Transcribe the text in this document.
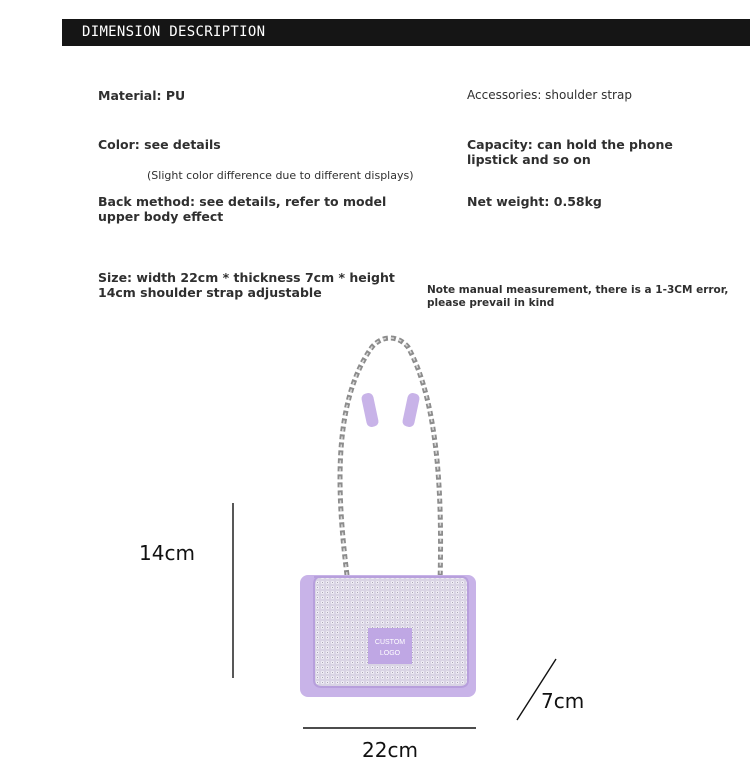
DIMENSION DESCRIPTION
Material: PU	Accessories: shoulder strap
Color: see details
(Slight color difference due to different displays)
Capacity: can hold the phone
lipstick and so on
Back method: see details, refer to model
upper body effect
Net weight: 0.58kg
Size: width 22cm * thickness 7cm * height
14cm shoulder strap adjustable	Note manual measurement, there is a 1-3CM error,
please prevail in kind
14cm
7cm
22cm
CUSTOM
LOGO
